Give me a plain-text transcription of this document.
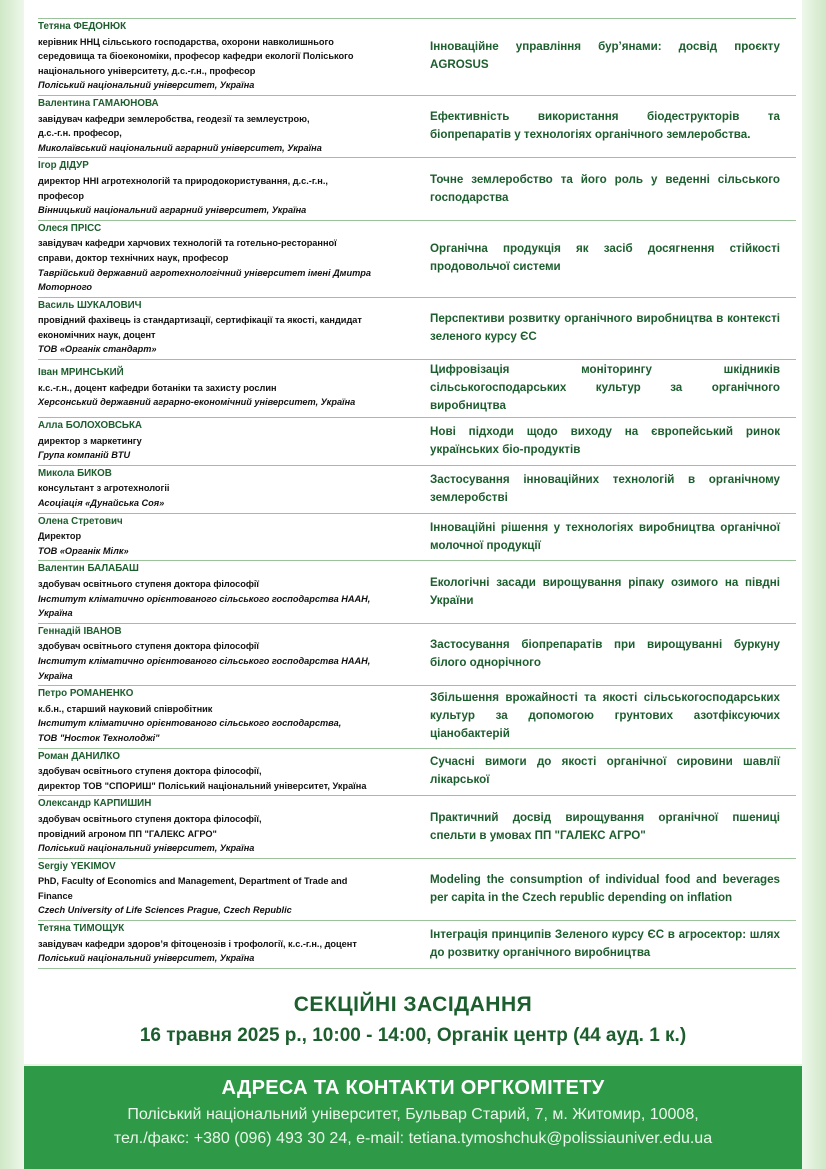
Тетяна ФЕДОНЮК
керівник ННЦ сільського господарства, охорони навколишнього
середовища та біоекономіки, професор кафедри екології Поліського
національного університету, д.с.-г.н., професор
Поліський національний університет, Україна
Інноваційне управління бур’янами: досвід проєкту AGROSUS
Валентина ГАМАЮНОВА
завідувач кафедри землеробства, геодезії та землеустрою,
д.с.-г.н. професор,
Миколаївський національний аграрний університет, Україна
Ефективність використання біодеструкторів та біопрепаратів у технологіях органічного землеробства.
Ігор ДІДУР
директор ННІ агротехнологій та природокористування, д.с.-г.н.,
професор
Вінницький національний аграрний університет, Україна
Точне землеробство та його роль у веденні сільського господарства
Олеся ПРІСС
завідувач кафедри харчових технологій та готельно-ресторанної
справи, доктор технічних наук, професор
Таврійський державний агротехнологічний університет імені Дмитра
Моторного
Органічна продукція як засіб досягнення стійкості продовольчої системи
Василь ШУКАЛОВИЧ
провідний фахівець із стандартизації, сертифікації та якості, кандидат
економічних наук, доцент
ТОВ «Органік стандарт»
Перспективи розвитку органічного виробництва в контексті зеленого курсу ЄС
Іван МРИНСЬКИЙ
к.с.-г.н., доцент кафедри ботаніки та захисту рослин
Херсонський державний аграрно-економічний університет, Україна
Цифровізація моніторингу шкідників сільськогосподарських культур за органічного виробництва
Алла БОЛОХОВСЬКА
директор з маркетингу
Група компаній BTU
Нові підходи щодо виходу на європейський ринок українських біо-продуктів
Микола БИКОВ
консультант з агротехнологіі
Асоціація «Дунайська Соя»
Застосування інноваційних технологій в органічному землеробстві
Олена Стретович
Директор
ТОВ «Органік Мілк»
Інноваційні рішення у технологіях виробництва органічної молочної продукції
Валентин БАЛАБАШ
здобувач освітнього ступеня доктора філософії
Інститут кліматично орієнтованого сільського господарства НААН,
Україна
Екологічні засади вирощування ріпаку озимого на півдні України
Геннадій ІВАНОВ
здобувач освітнього ступеня доктора філософії
Інститут кліматично орієнтованого сільського господарства НААН,
Україна
Застосування біопрепаратів при вирощуванні буркуну білого однорічного
Петро РОМАНЕНКО
к.б.н., старший науковий співробітник
Інститут кліматично орієнтованого сільського господарства,
ТОВ "Носток Технолоджі"
Збільшення врожайності та якості сільськогосподарських культур за допомогою грунтових азотфіксуючих ціанобактерій
Роман ДАНИЛКО
здобувач освітнього ступеня доктора філософії,
директор ТОВ "СПОРИШ" Поліський національний університет, Україна
Сучасні вимоги до якості органічної сировини шавлії лікарської
Олександр КАРПИШИН
здобувач освітнього ступеня доктора філософії,
провідний агроном ПП "ГАЛЕКС АГРО"
Поліський національний університет, Україна
Практичний досвід вирощування органічної пшениці спельти в умовах ПП "ГАЛЕКС АГРО"
Sergiy YEKIMOV
PhD, Faculty of Economics and Management, Department of Trade and
Finance
Czech University of Life Sciences Prague, Czech Republic
Modeling the consumption of individual food and beverages per capita in the Czech republic depending on inflation
Тетяна ТИМОЩУК
завідувач кафедри здоров’я фітоценозів і трофології, к.с.-г.н., доцент
Поліський національний університет, Україна
Інтеграція принципів Зеленого курсу ЄС в агросектор: шлях до розвитку органічного виробництва
СЕКЦІЙНІ ЗАСІДАННЯ
16 травня 2025 р., 10:00 - 14:00, Органік центр (44 ауд. 1 к.)
АДРЕСА ТА КОНТАКТИ ОРГКОМІТЕТУ
Поліський національний університет, Бульвар Старий, 7, м. Житомир, 10008,
тел./факс: +380 (096) 493 30 24, e-mail: tetiana.tymoshchuk@polissiauniver.edu.ua
